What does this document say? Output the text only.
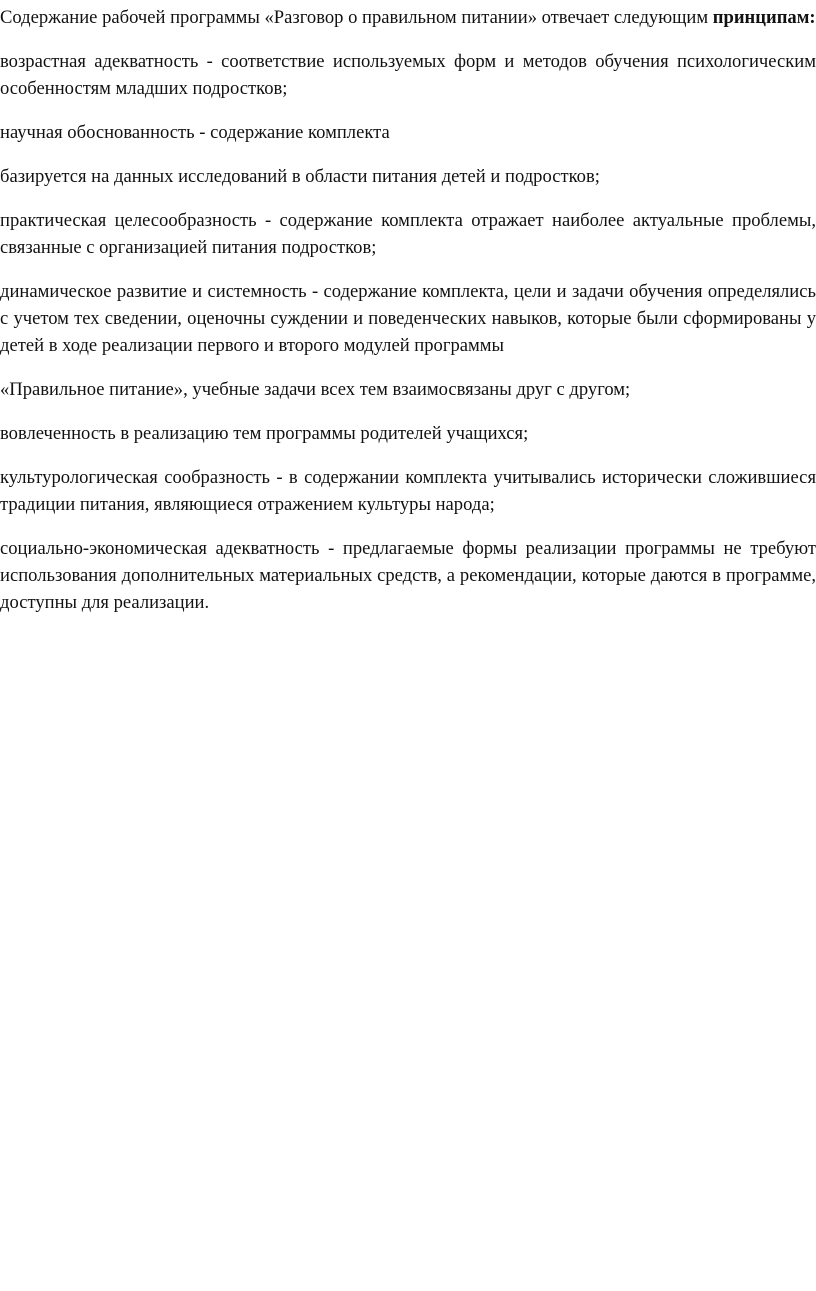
Содержание рабочей программы «Разговор о правильном питании» отвечает следующим принципам:

возрастная адекватность - соответствие используемых форм и методов обучения психологическим особенностям младших подростков;

научная обоснованность - содержание комплекта

базируется на данных исследований в области питания детей и подростков;

практическая целесообразность - содержание комплекта отражает наиболее актуальные проблемы, связанные с организацией питания подростков;

динамическое развитие и системность - содержание комплекта, цели и задачи обучения определялись с учетом тех сведении, оценочны суждении и поведенческих навыков, которые были сформированы у детей в ходе реализации первого и второго модулей программы

«Правильное питание», учебные задачи всех тем взаимосвязаны друг с другом;

вовлеченность в реализацию тем программы родителей учащихся;

культурологическая сообразность - в содержании комплекта учитывались исторически сложившиеся традиции питания, являющиеся отражением культуры народа;

социально-экономическая адекватность - предлагаемые формы реализации программы не требуют использования дополнительных материальных средств, а рекомендации, которые даются в программе, доступны для реализации.
